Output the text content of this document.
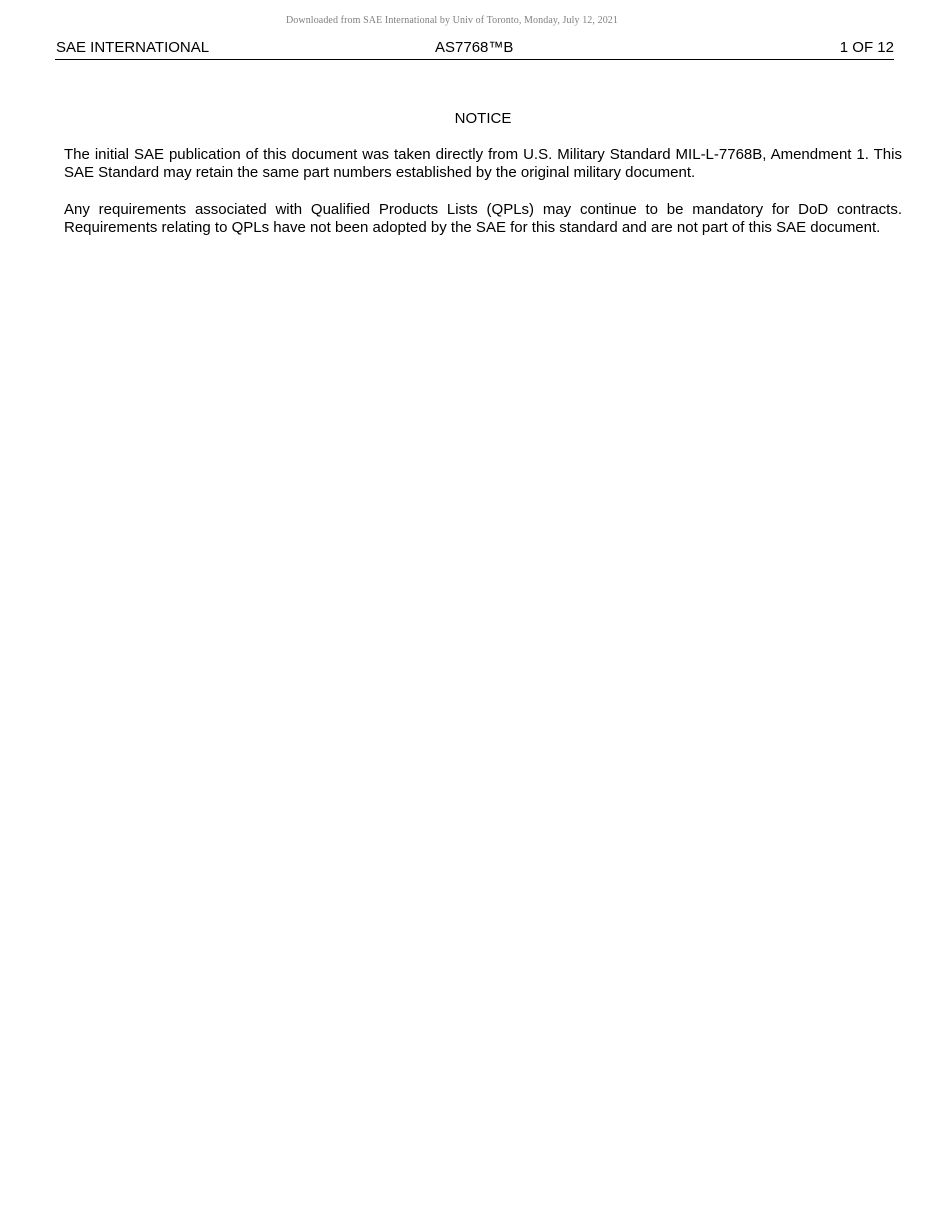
Downloaded from SAE International by Univ of Toronto, Monday, July 12, 2021
SAE INTERNATIONAL	AS7768™B	1 OF 12
NOTICE

The initial SAE publication of this document was taken directly from U.S. Military Standard MIL-L-7768B, Amendment 1. This SAE Standard may retain the same part numbers established by the original military document.

Any requirements associated with Qualified Products Lists (QPLs) may continue to be mandatory for DoD contracts. Requirements relating to QPLs have not been adopted by the SAE for this standard and are not part of this SAE document.
